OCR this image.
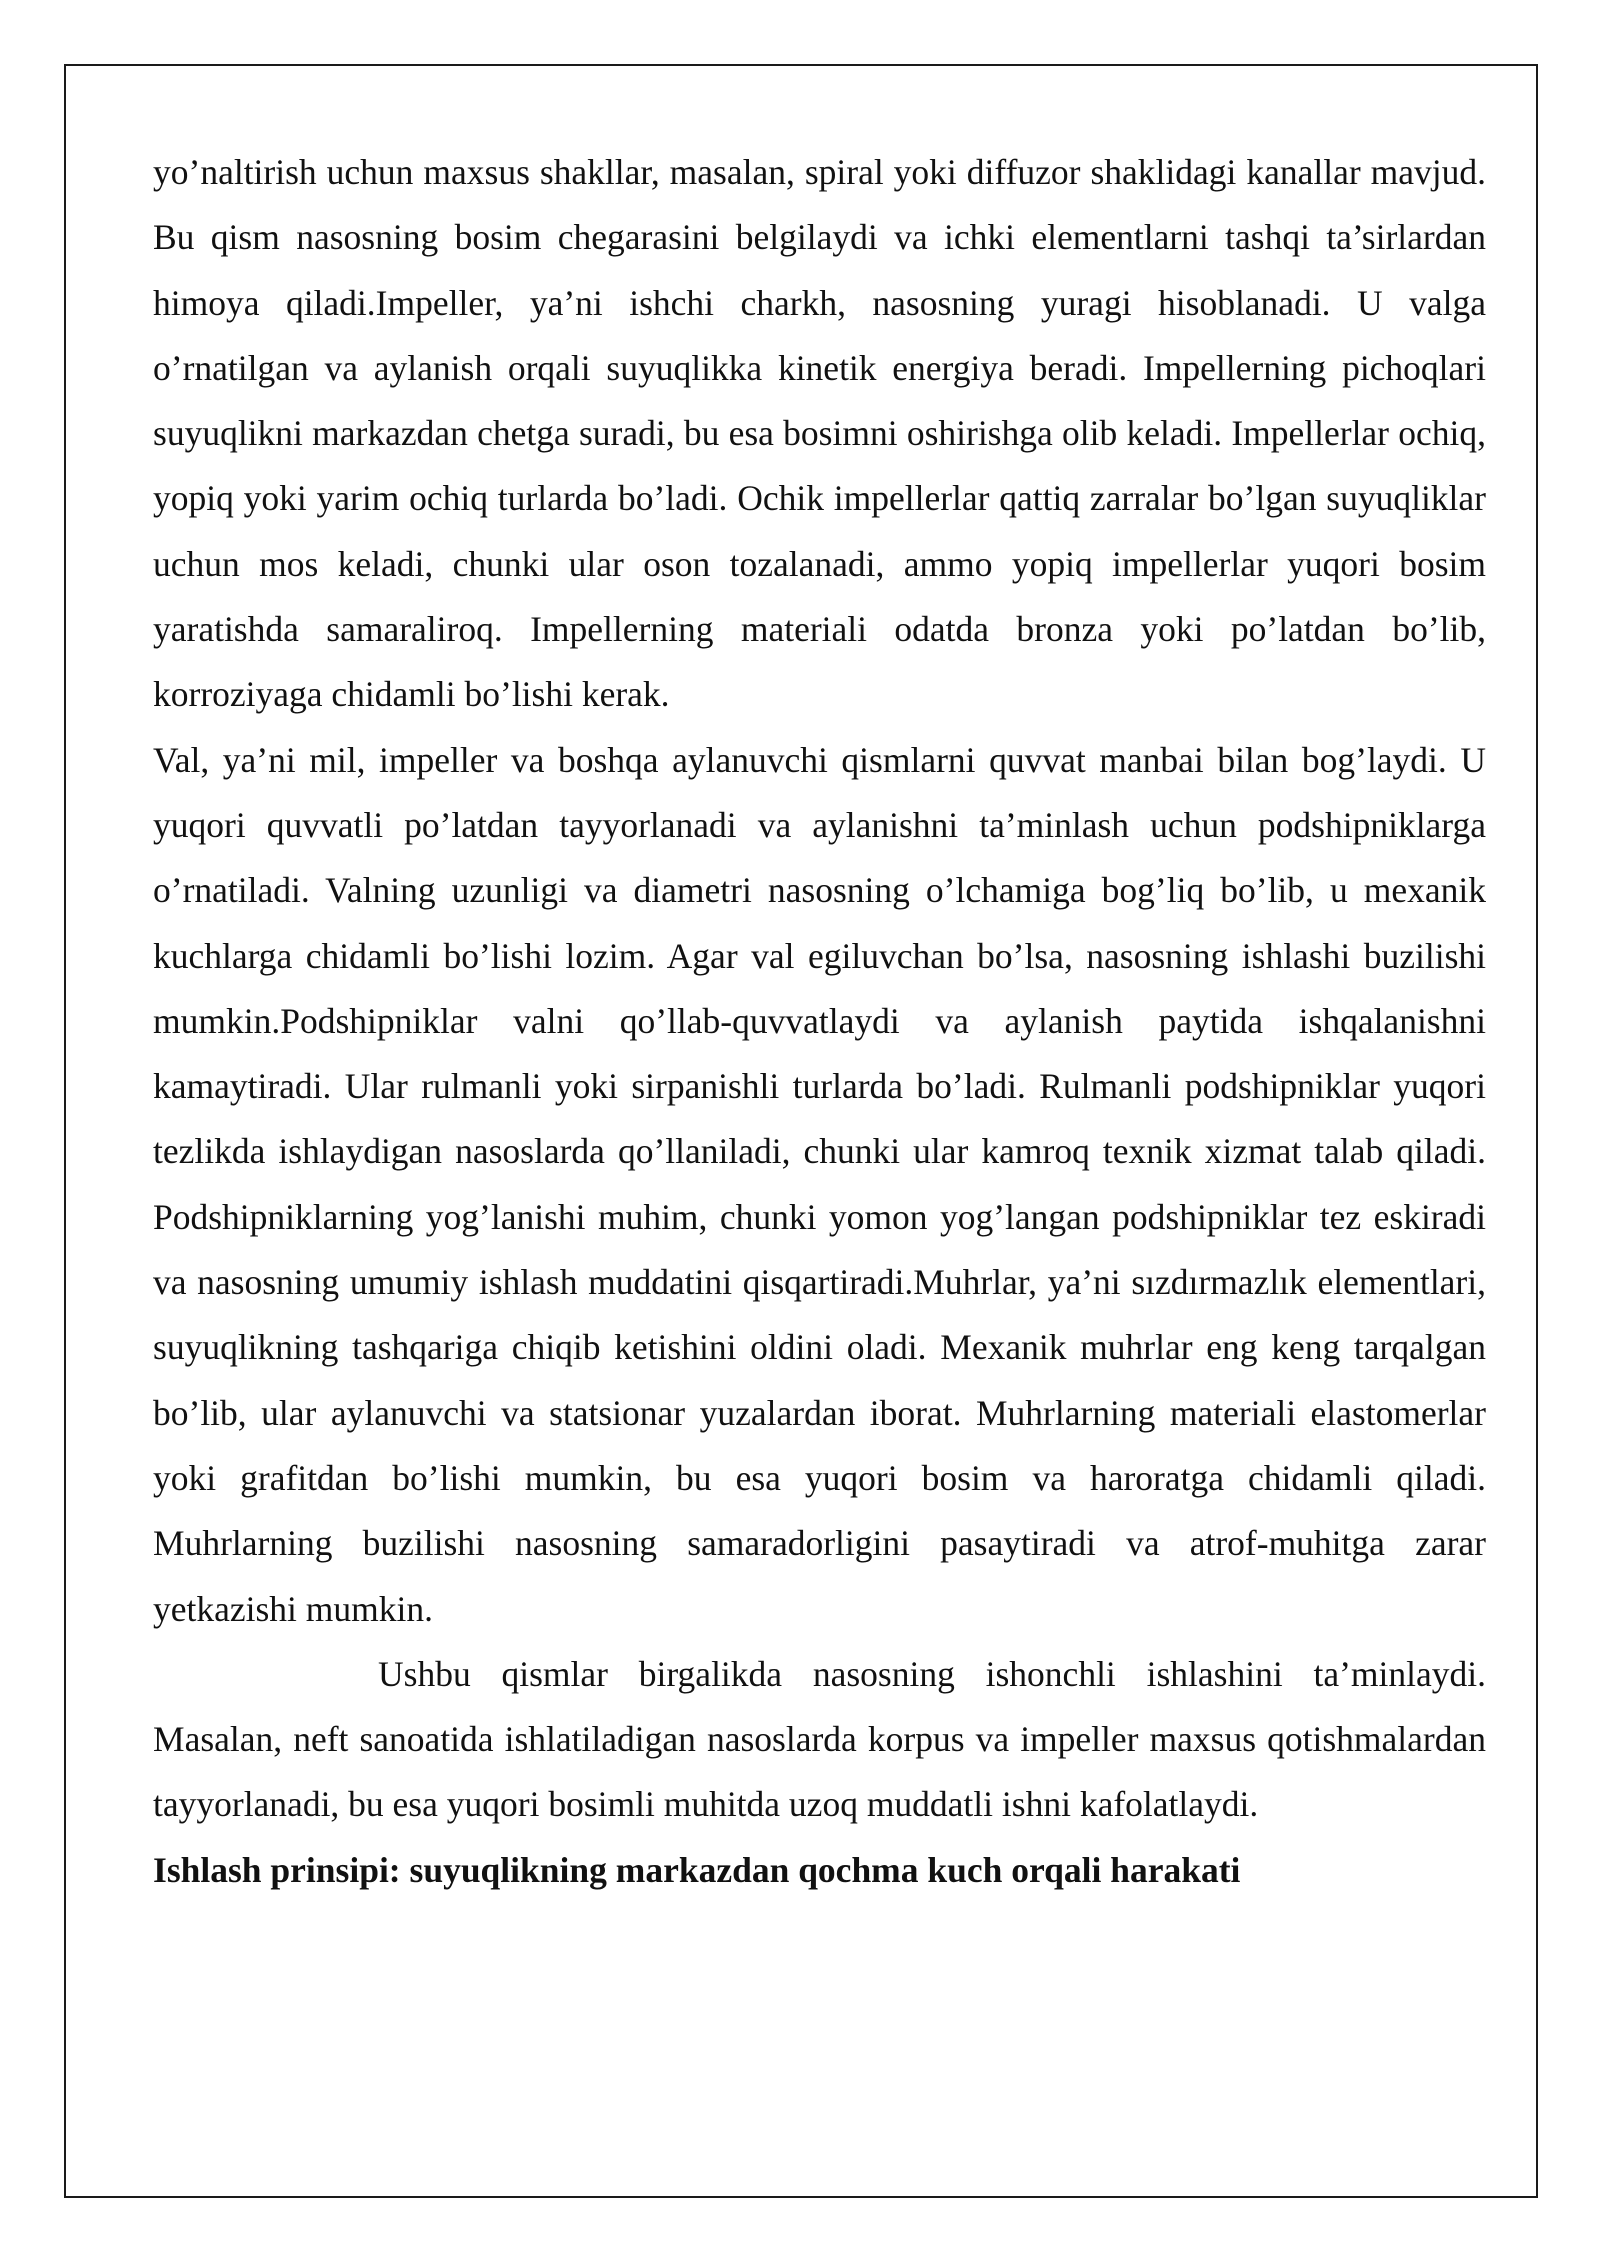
yo’naltirish uchun maxsus shakllar, masalan, spiral yoki diffuzor shaklidagi kanallar mavjud. Bu qism nasosning bosim chegarasini belgilaydi va ichki elementlarni tashqi ta’sirlardan himoya qiladi.Impeller, ya’ni ishchi charkh, nasosning yuragi hisoblanadi. U valga o’rnatilgan va aylanish orqali suyuqlikka kinetik energiya beradi. Impellerning pichoqlari suyuqlikni markazdan chetga suradi, bu esa bosimni oshirishga olib keladi. Impellerlar ochiq, yopiq yoki yarim ochiq turlarda bo’ladi. Ochik impellerlar qattiq zarralar bo’lgan suyuqliklar uchun mos keladi, chunki ular oson tozalanadi, ammo yopiq impellerlar yuqori bosim yaratishda samaraliroq. Impellerning materiali odatda bronza yoki po’latdan bo’lib, korroziyaga chidamli bo’lishi kerak.

Val, ya’ni mil, impeller va boshqa aylanuvchi qismlarni quvvat manbai bilan bog’laydi. U yuqori quvvatli po’latdan tayyorlanadi va aylanishni ta’minlash uchun podshipniklarga o’rnatiladi. Valning uzunligi va diametri nasosning o’lchamiga bog’liq bo’lib, u mexanik kuchlarga chidamli bo’lishi lozim. Agar val egiluvchan bo’lsa, nasosning ishlashi buzilishi mumkin.Podshipniklar valni qo’llab-quvvatlaydi va aylanish paytida ishqalanishni kamaytiradi. Ular rulmanli yoki sirpanishli turlarda bo’ladi. Rulmanli podshipniklar yuqori tezlikda ishlaydigan nasoslarda qo’llaniladi, chunki ular kamroq texnik xizmat talab qiladi. Podshipniklarning yog’lanishi muhim, chunki yomon yog’langan podshipniklar tez eskiradi va nasosning umumiy ishlash muddatini qisqartiradi.Muhrlar, ya’ni sızdırmazlık elementlari, suyuqlikning tashqariga chiqib ketishini oldini oladi. Mexanik muhrlar eng keng tarqalgan bo’lib, ular aylanuvchi va statsionar yuzalardan iborat. Muhrlarning materiali elastomerlar yoki grafitdan bo’lishi mumkin, bu esa yuqori bosim va haroratga chidamli qiladi. Muhrlarning buzilishi nasosning samaradorligini pasaytiradi va atrof-muhitga zarar yetkazishi mumkin.

Ushbu qismlar birgalikda nasosning ishonchli ishlashini ta’minlaydi. Masalan, neft sanoatida ishlatiladigan nasoslarda korpus va impeller maxsus qotishmalardan tayyorlanadi, bu esa yuqori bosimli muhitda uzoq muddatli ishni kafolatlaydi.

Ishlash prinsipi: suyuqlikning markazdan qochma kuch orqali harakati
